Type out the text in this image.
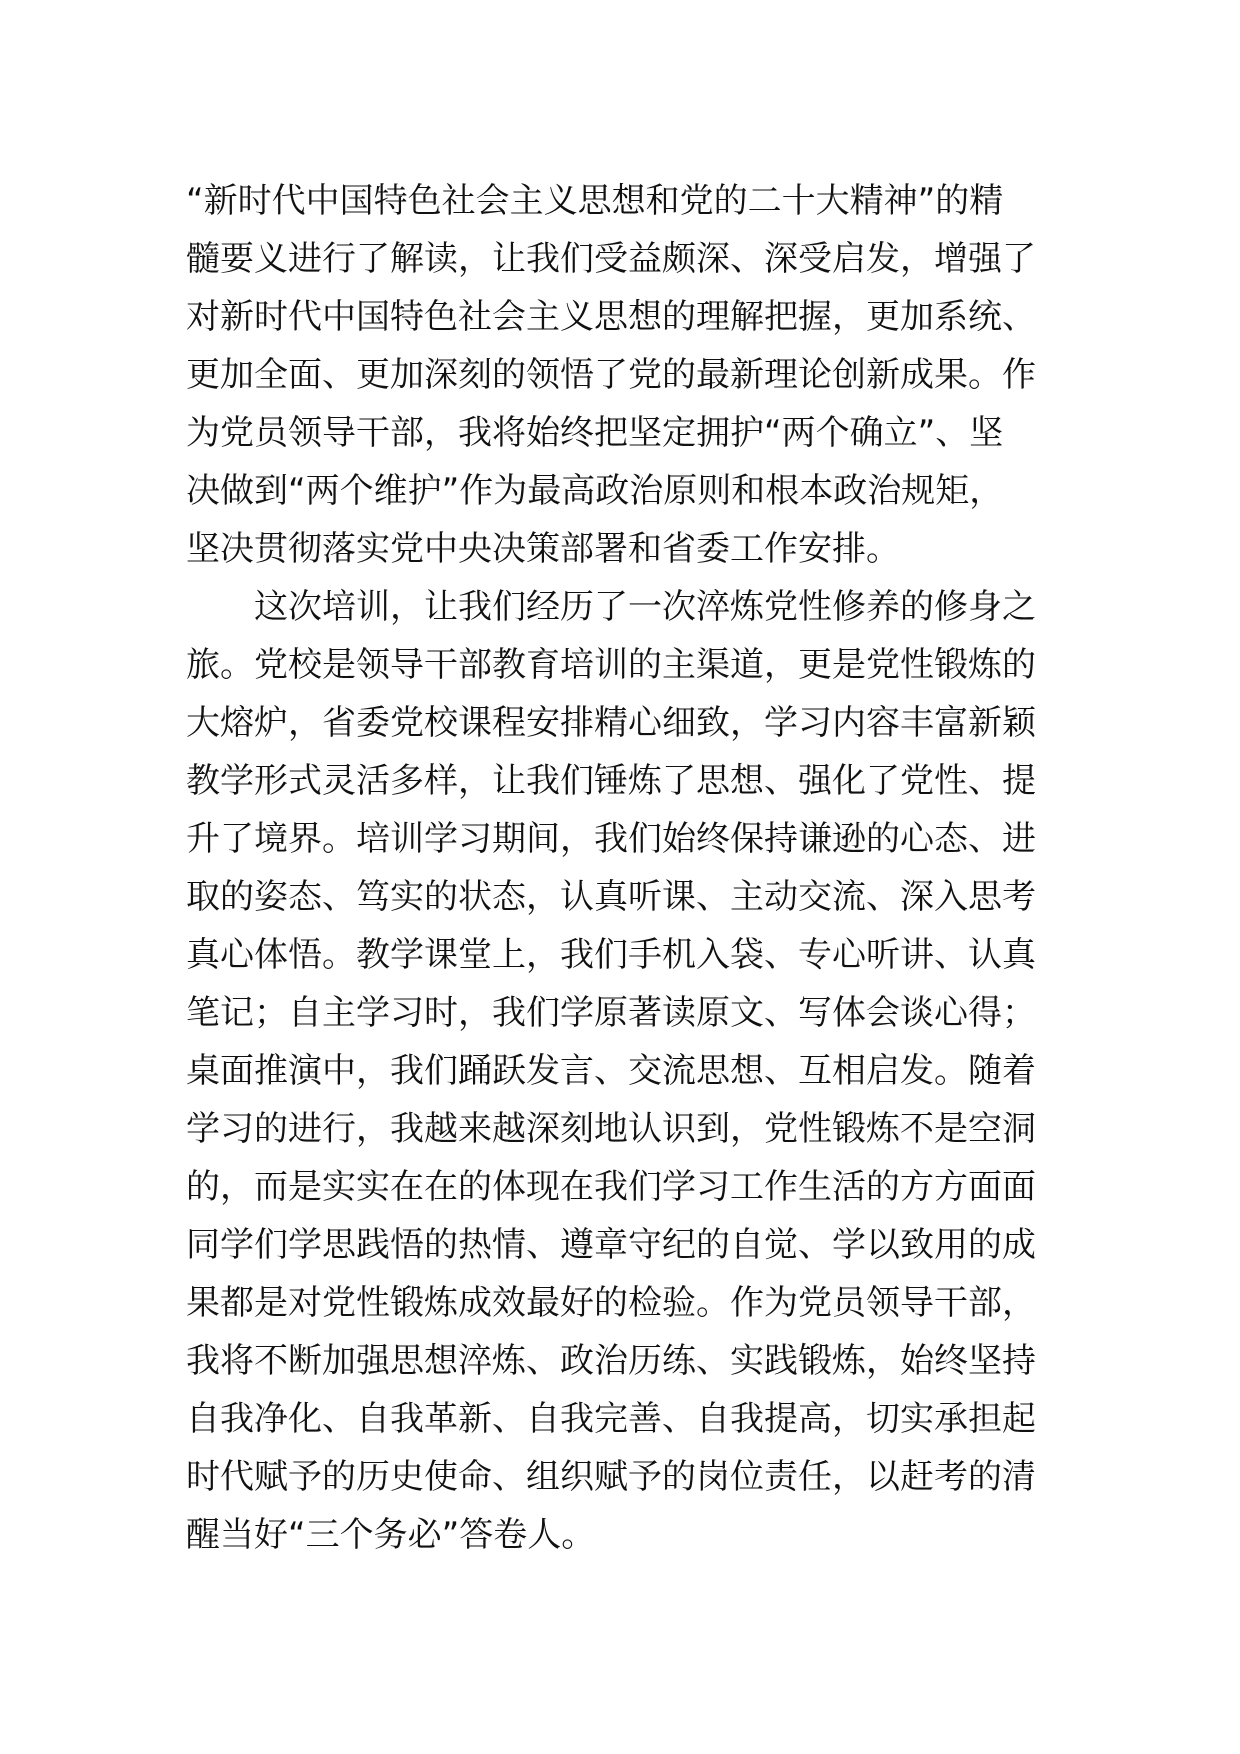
“新时代中国特色社会主义思想和党的二十大精神”的精
髓要义进行了解读，让我们受益颇深、深受启发，增强了
对新时代中国特色社会主义思想的理解把握，更加系统、
更加全面、更加深刻的领悟了党的最新理论创新成果。作
为党员领导干部，我将始终把坚定拥护“两个确立”、坚
决做到“两个维护”作为最高政治原则和根本政治规矩，
坚决贯彻落实党中央决策部署和省委工作安排。
这次培训，让我们经历了一次淬炼党性修养的修身之
旅。党校是领导干部教育培训的主渠道，更是党性锻炼的
大熔炉，省委党校课程安排精心细致，学习内容丰富新颖
教学形式灵活多样，让我们锤炼了思想、强化了党性、提
升了境界。培训学习期间，我们始终保持谦逊的心态、进
取的姿态、笃实的状态，认真听课、主动交流、深入思考
真心体悟。教学课堂上，我们手机入袋、专心听讲、认真
笔记；自主学习时，我们学原著读原文、写体会谈心得；
桌面推演中，我们踊跃发言、交流思想、互相启发。随着
学习的进行，我越来越深刻地认识到，党性锻炼不是空洞
的，而是实实在在的体现在我们学习工作生活的方方面面
同学们学思践悟的热情、遵章守纪的自觉、学以致用的成
果都是对党性锻炼成效最好的检验。作为党员领导干部，
我将不断加强思想淬炼、政治历练、实践锻炼，始终坚持
自我净化、自我革新、自我完善、自我提高，切实承担起
时代赋予的历史使命、组织赋予的岗位责任，以赶考的清
醒当好“三个务必”答卷人。
